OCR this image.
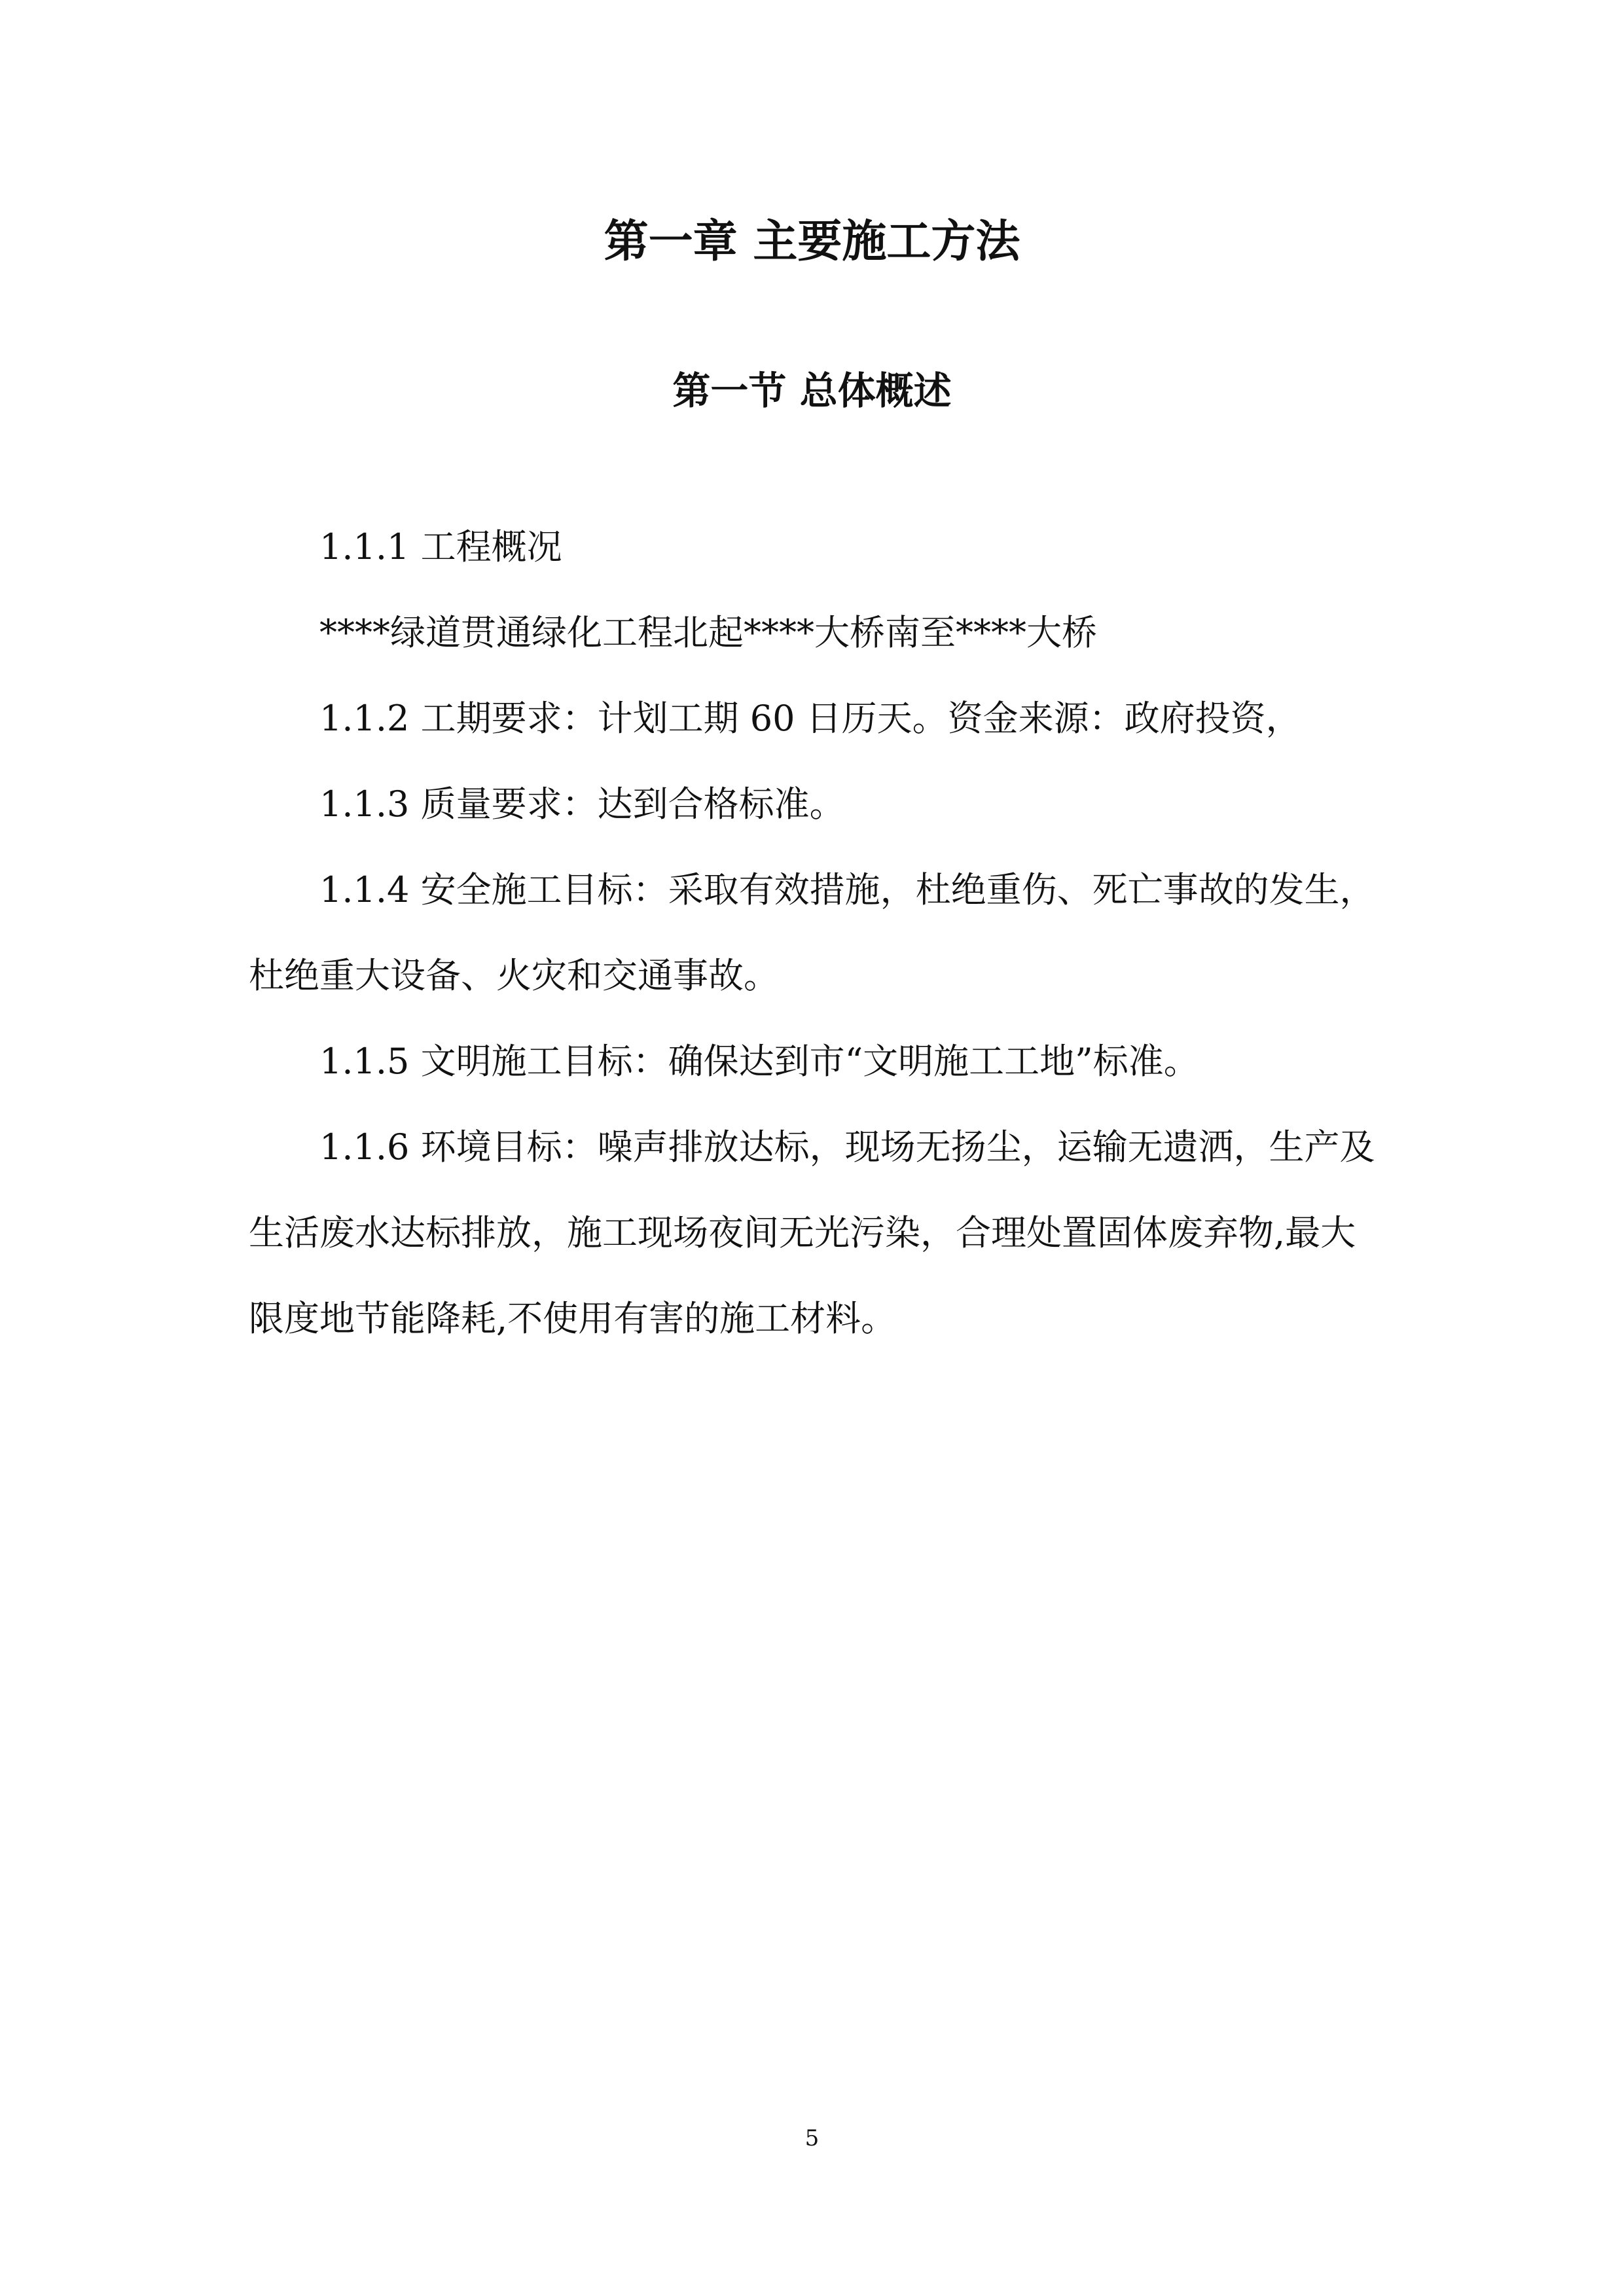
第一章 主要施工方法
第一节 总体概述

1.1.1 工程概况

****绿道贯通绿化工程北起****大桥南至****大桥

1.1.2 工期要求：计划工期 60 日历天。资金来源：政府投资，

1.1.3 质量要求：达到合格标准。

1.1.4 安全施工目标：采取有效措施，杜绝重伤、死亡事故的发生，杜绝重大设备、火灾和交通事故。

1.1.5 文明施工目标：确保达到市“文明施工工地”标准。

1.1.6 环境目标：噪声排放达标，现场无扬尘，运输无遗洒，生产及生活废水达标排放，施工现场夜间无光污染，合理处置固体废弃物,最大限度地节能降耗,不使用有害的施工材料。

5
